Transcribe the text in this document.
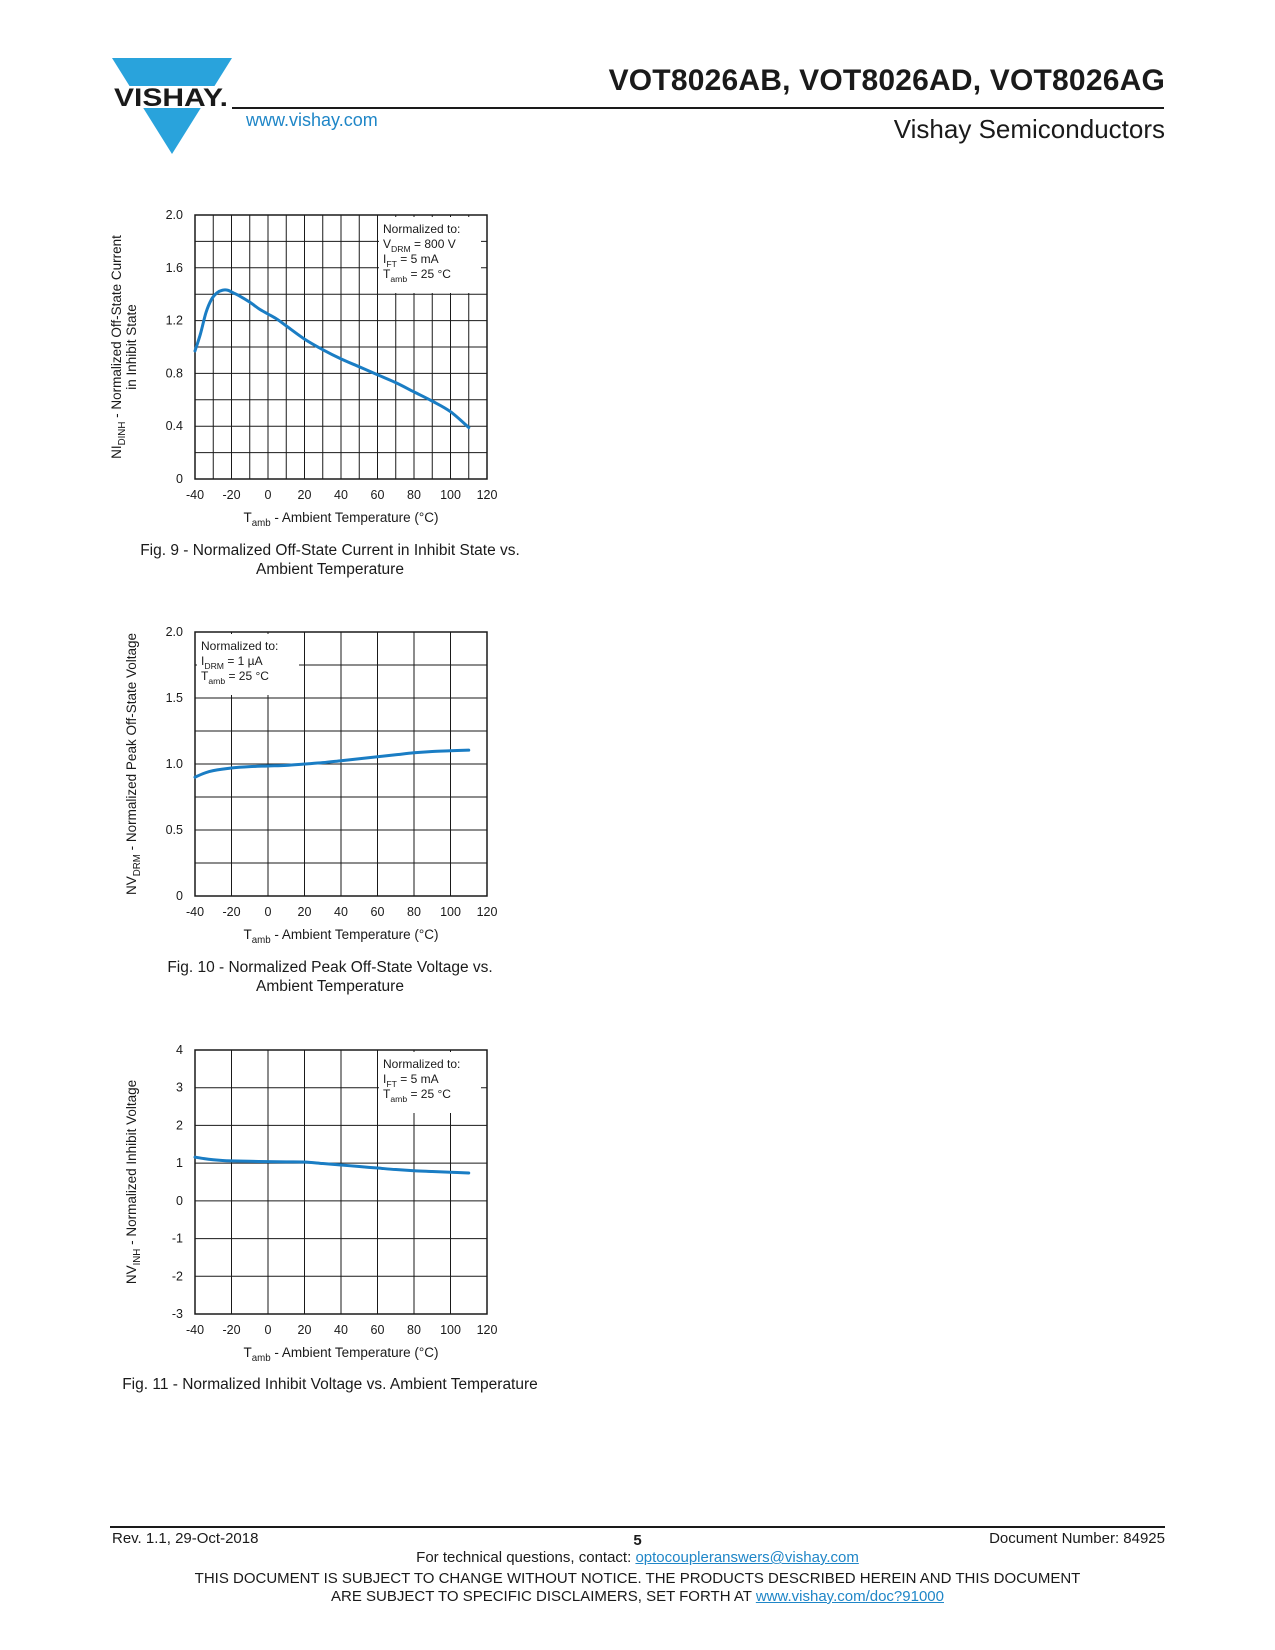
VISHAY.
www.vishay.com
VOT8026AB, VOT8026AD, VOT8026AG
Vishay Semiconductors
Normalized to:
$V_{DRM} = 800$ V
$I_{FT} = 5$ mA
$T_{amb} = 25$ °C
-40 -20 0 20 40 60 80 100 120
0
0.4
0.8
1.2
1.6
2.0
$T_{amb}$ - Ambient Temperature (°C)
$NI_{DINH}$ - Normalized Off-State Current in Inhibit State
Fig. 9 - Normalized Off-State Current in Inhibit State vs.
Ambient Temperature
Normalized to:
$I_{DRM} = 1$ µA
$T_{amb} = 25$ °C
-40 -20 0 20 40 60 80 100 120
0
0.5
1.0
1.5
2.0
$T_{amb}$ - Ambient Temperature (°C)
$NV_{DRM}$ - Normalized Peak Off-State Voltage
Fig. 10 - Normalized Peak Off-State Voltage vs.
Ambient Temperature
Normalized to:
$I_{FT} = 5$ mA
$T_{amb} = 25$ °C
-40 -20 0 20 40 60 80 100 120
-3
-2
-1
0
1
2
3
4
$T_{amb}$ - Ambient Temperature (°C)
$NV_{INH}$ - Normalized Inhibit Voltage
Fig. 11 - Normalized Inhibit Voltage vs. Ambient Temperature
Rev. 1.1, 29-Oct-2018	5	Document Number: 84925
For technical questions, contact: optocoupleranswers@vishay.com
THIS DOCUMENT IS SUBJECT TO CHANGE WITHOUT NOTICE. THE PRODUCTS DESCRIBED HEREIN AND THIS DOCUMENT
ARE SUBJECT TO SPECIFIC DISCLAIMERS, SET FORTH AT www.vishay.com/doc?91000
